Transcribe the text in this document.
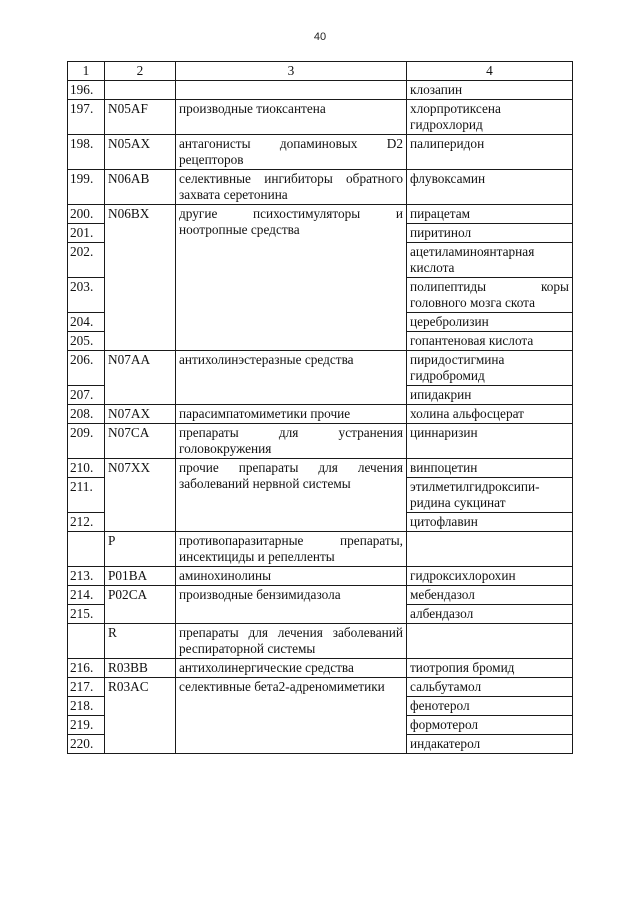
40
1	2	3	4
196.			клозапин
197.	N05AF	производные тиоксантена	хлорпротиксена гидрохлорид
198.	N05AX	антагонисты допаминовых D2 рецепторов	палиперидон
199.	N06AB	селективные ингибиторы обратного захвата серетонина	флувоксамин
200.	N06BX	другие психостимуляторы и ноотропные средства	пирацетам
201.			пиритинол
202.			ацетиламиноянтарная кислота
203.			полипептиды коры головного мозга скота
204.			церебролизин
205.			гопантеновая кислота
206.	N07AA	антихолинэстеразные средства	пиридостигмина гидробромид
207.			ипидакрин
208.	N07AX	парасимпатомиметики прочие	холина альфосцерат
209.	N07CA	препараты для устранения головокружения	циннаризин
210.	N07XX	прочие препараты для лечения заболеваний нервной системы	винпоцетин
211.			этилметилгидроксипи-ридина сукцинат
212.			цитофлавин
	P	противопаразитарные препараты, инсектициды и репелленты	
213.	P01BA	аминохинолины	гидроксихлорохин
214.	P02CA	производные бензимидазола	мебендазол
215.			албендазол
	R	препараты для лечения заболеваний респираторной системы	
216.	R03BB	антихолинергические средства	тиотропия бромид
217.	R03AC	селективные бета2-адреномиметики	сальбутамол
218.			фенотерол
219.			формотерол
220.			индакатерол
